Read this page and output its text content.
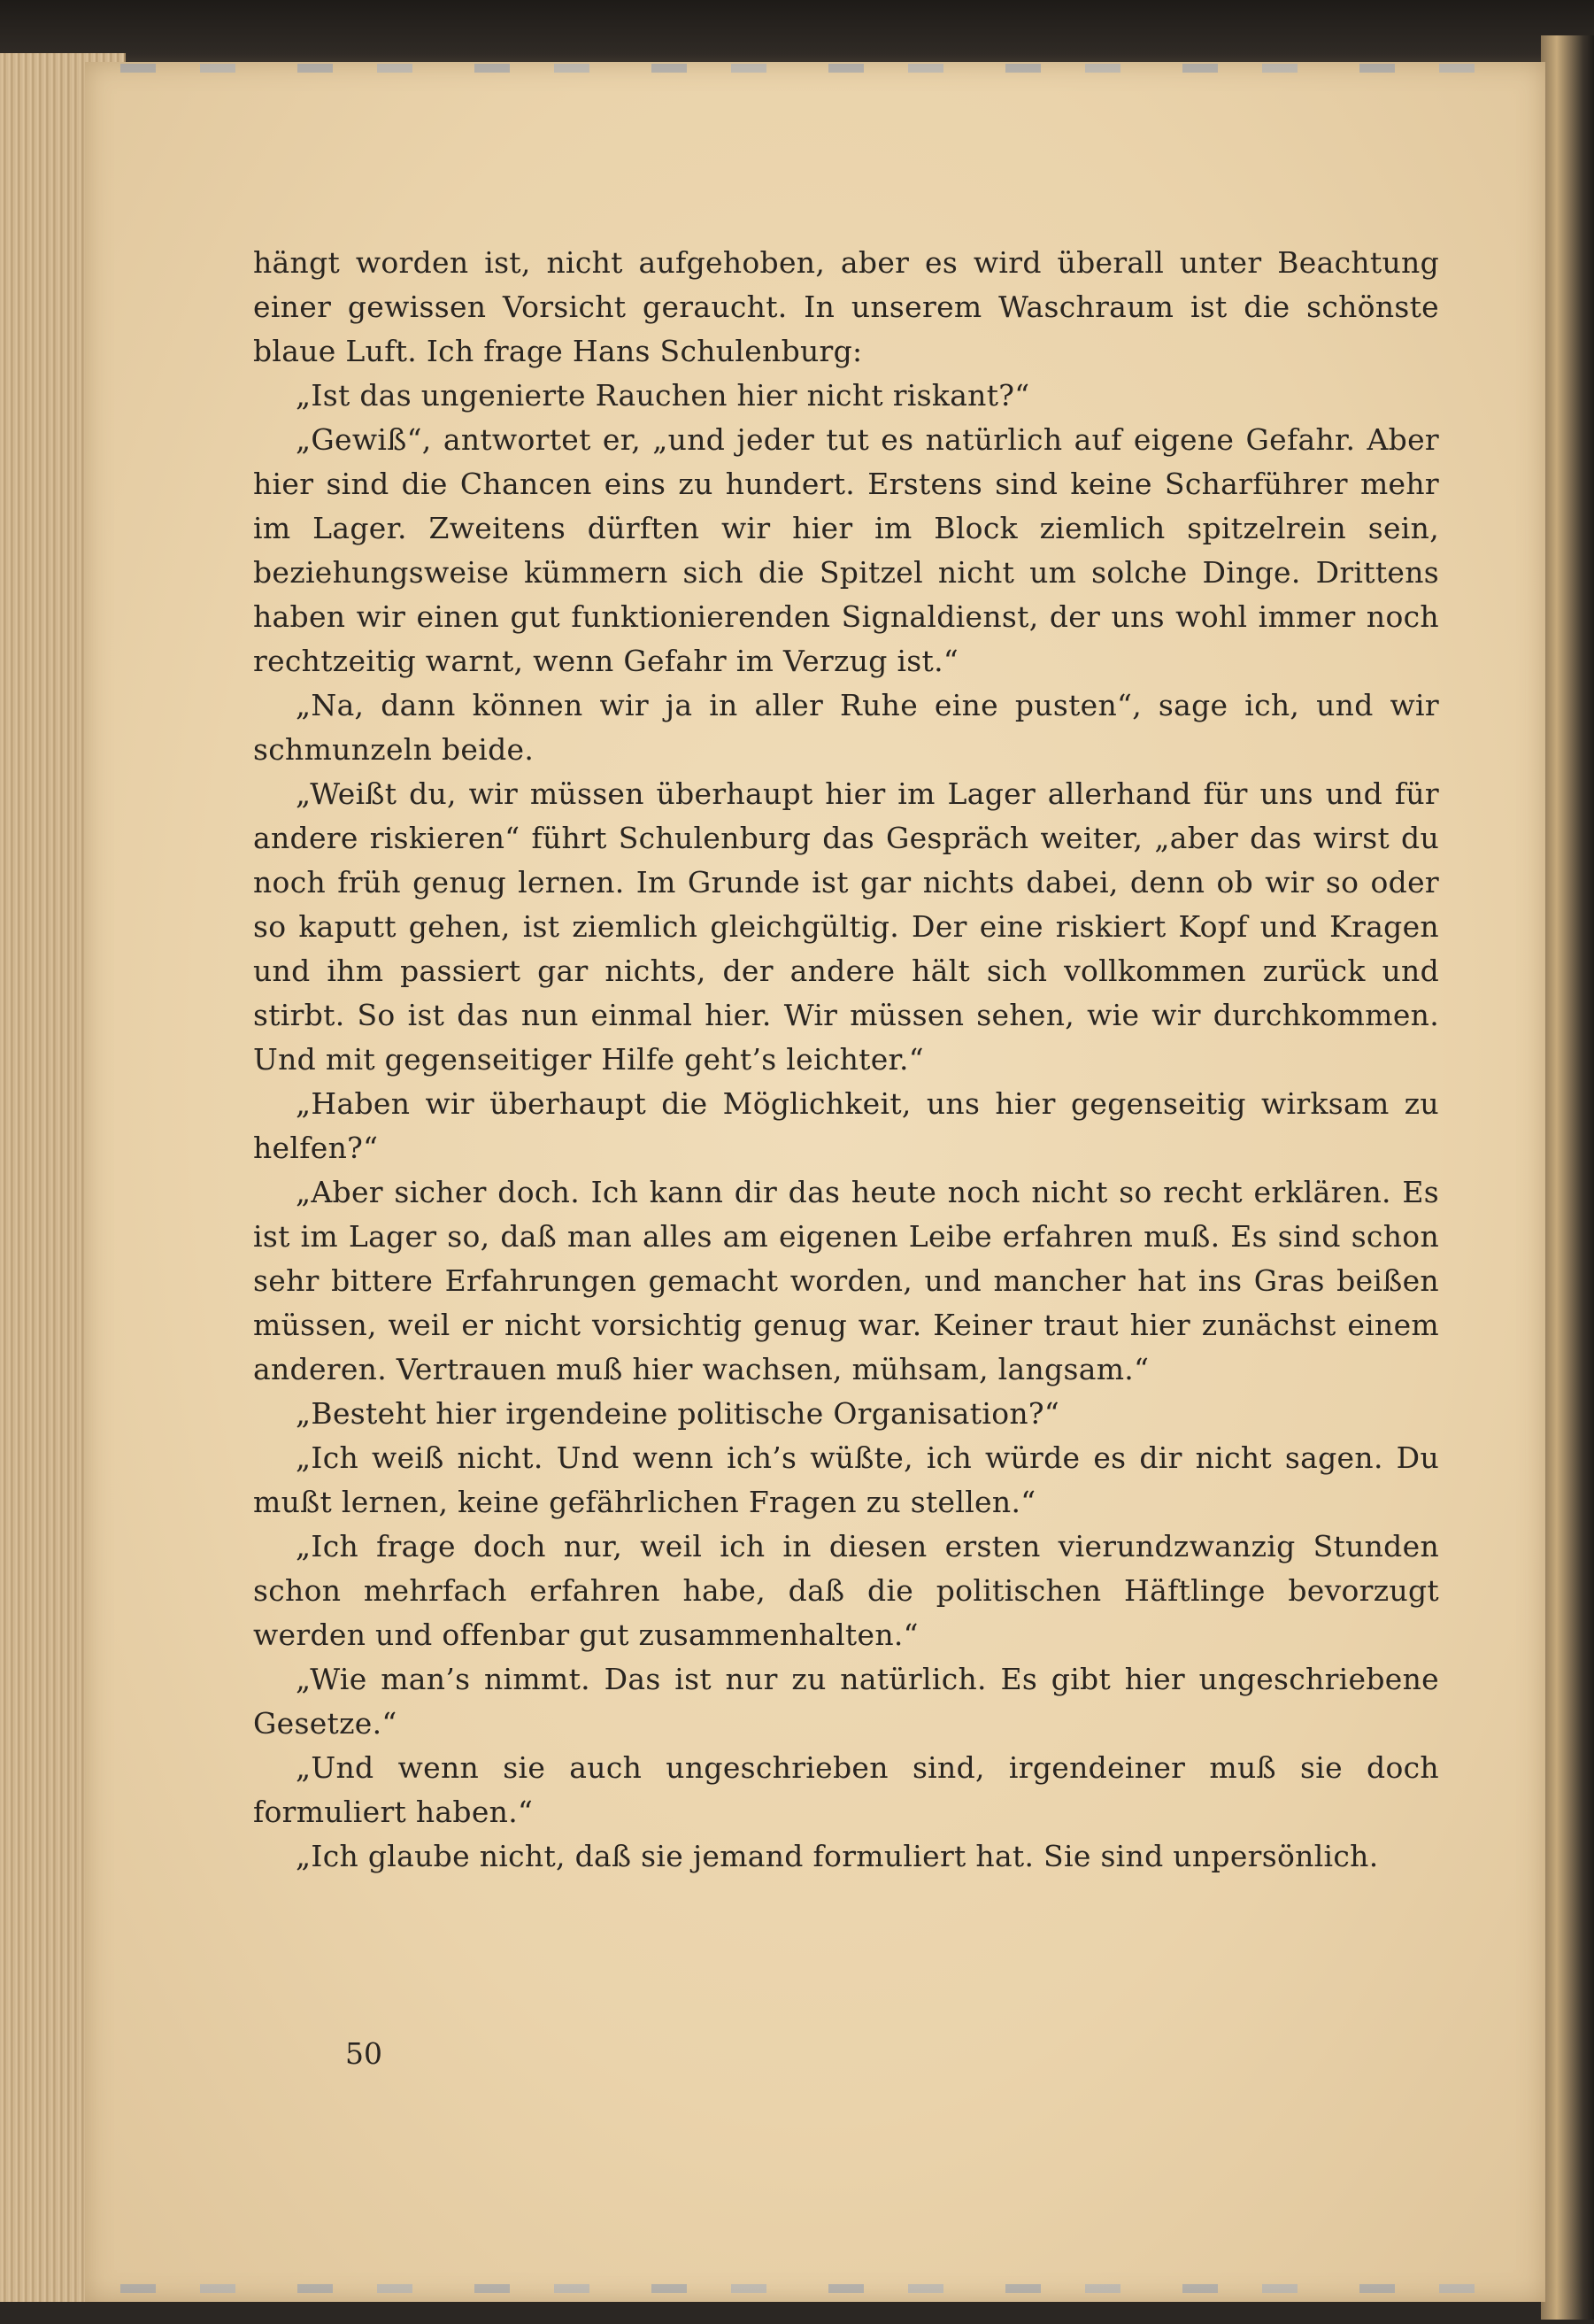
hängt worden ist, nicht aufgehoben, aber es wird überall unter Beachtung einer gewissen Vorsicht geraucht. In unserem Waschraum ist die schönste blaue Luft. Ich frage Hans Schulenburg:

„Ist das ungenierte Rauchen hier nicht riskant?“

„Gewiß“, antwortet er, „und jeder tut es natürlich auf eigene Gefahr. Aber hier sind die Chancen eins zu hundert. Erstens sind keine Scharführer mehr im Lager. Zweitens dürften wir hier im Block ziemlich spitzelrein sein, beziehungsweise kümmern sich die Spitzel nicht um solche Dinge. Drittens haben wir einen gut funktionierenden Signaldienst, der uns wohl immer noch rechtzeitig warnt, wenn Gefahr im Verzug ist.“

„Na, dann können wir ja in aller Ruhe eine pusten“, sage ich, und wir schmunzeln beide.

„Weißt du, wir müssen überhaupt hier im Lager allerhand für uns und für andere riskieren“ führt Schulenburg das Gespräch weiter, „aber das wirst du noch früh genug lernen. Im Grunde ist gar nichts dabei, denn ob wir so oder so kaputt gehen, ist ziemlich gleichgültig. Der eine riskiert Kopf und Kragen und ihm passiert gar nichts, der andere hält sich vollkommen zurück und stirbt. So ist das nun einmal hier. Wir müssen sehen, wie wir durchkommen. Und mit gegenseitiger Hilfe geht’s leichter.“

„Haben wir überhaupt die Möglichkeit, uns hier gegenseitig wirksam zu helfen?“

„Aber sicher doch. Ich kann dir das heute noch nicht so recht erklären. Es ist im Lager so, daß man alles am eigenen Leibe erfahren muß. Es sind schon sehr bittere Erfahrungen gemacht worden, und mancher hat ins Gras beißen müssen, weil er nicht vorsichtig genug war. Keiner traut hier zunächst einem anderen. Vertrauen muß hier wachsen, mühsam, langsam.“

„Besteht hier irgendeine politische Organisation?“

„Ich weiß nicht. Und wenn ich’s wüßte, ich würde es dir nicht sagen. Du mußt lernen, keine gefährlichen Fragen zu stellen.“

„Ich frage doch nur, weil ich in diesen ersten vierundzwanzig Stunden schon mehrfach erfahren habe, daß die politischen Häftlinge bevorzugt werden und offenbar gut zusammenhalten.“

„Wie man’s nimmt. Das ist nur zu natürlich. Es gibt hier ungeschriebene Gesetze.“

„Und wenn sie auch ungeschrieben sind, irgendeiner muß sie doch formuliert haben.“

„Ich glaube nicht, daß sie jemand formuliert hat. Sie sind unpersönlich.

50
